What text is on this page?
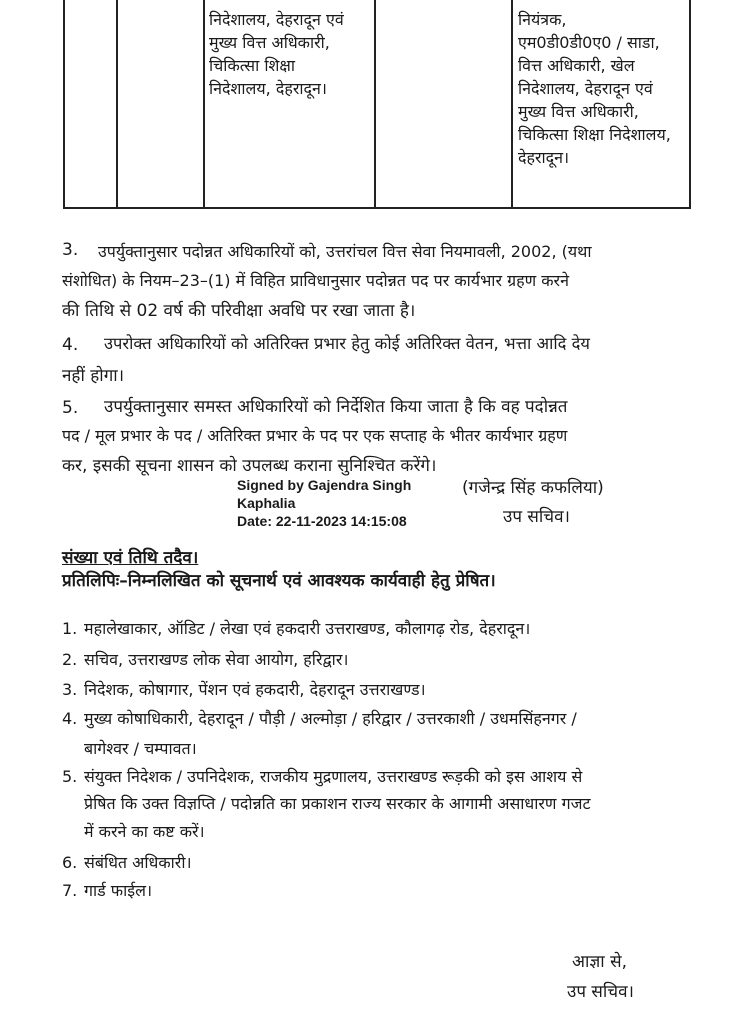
निदेशालय, देहरादून एवं
मुख्य वित्त अधिकारी,
चिकित्सा शिक्षा
निदेशालय, देहरादून।
नियंत्रक,
एम0डी0डी0ए0 / साडा,
वित्त अधिकारी, खेल
निदेशालय, देहरादून एवं
मुख्य वित्त अधिकारी,
चिकित्सा शिक्षा निदेशालय,
देहरादून।
3. उपर्युक्तानुसार पदोन्नत अधिकारियों को, उत्तरांचल वित्त सेवा नियमावली, 2002, (यथा
संशोधित) के नियम–23–(1) में विहित प्राविधानुसार पदोन्नत पद पर कार्यभार ग्रहण करने
की तिथि से 02 वर्ष की परिवीक्षा अवधि पर रखा जाता है।
4. उपरोक्त अधिकारियों को अतिरिक्त प्रभार हेतु कोई अतिरिक्त वेतन, भत्ता आदि देय
नहीं होगा।
5. उपर्युक्तानुसार समस्त अधिकारियों को निर्देशित किया जाता है कि वह पदोन्नत
पद / मूल प्रभार के पद / अतिरिक्त प्रभार के पद पर एक सप्ताह के भीतर कार्यभार ग्रहण
कर, इसकी सूचना शासन को उपलब्ध कराना सुनिश्चित करेंगे।
Signed by Gajendra Singh
Kaphalia
Date: 22-11-2023 14:15:08
(गजेन्द्र सिंह कफलिया)
उप सचिव।
संख्या एवं तिथि तदैव।
प्रतिलिपिः–निम्नलिखित को सूचनार्थ एवं आवश्यक कार्यवाही हेतु प्रेषित।
1. महालेखाकार, ऑडिट / लेखा एवं हकदारी उत्तराखण्ड, कौलागढ़ रोड, देहरादून।
2. सचिव, उत्तराखण्ड लोक सेवा आयोग, हरिद्वार।
3. निदेशक, कोषागार, पेंशन एवं हकदारी, देहरादून उत्तराखण्ड।
4. मुख्य कोषाधिकारी, देहरादून / पौड़ी / अल्मोड़ा / हरिद्वार / उत्तरकाशी / उधमसिंहनगर /
बागेश्वर / चम्पावत।
5. संयुक्त निदेशक / उपनिदेशक, राजकीय मुद्रणालय, उत्तराखण्ड रूड़की को इस आशय से
प्रेषित कि उक्त विज्ञप्ति / पदोन्नति का प्रकाशन राज्य सरकार के आगामी असाधारण गजट
में करने का कष्ट करें।
6. संबंधित अधिकारी।
7. गार्ड फाईल।
आज्ञा से,
उप सचिव।
